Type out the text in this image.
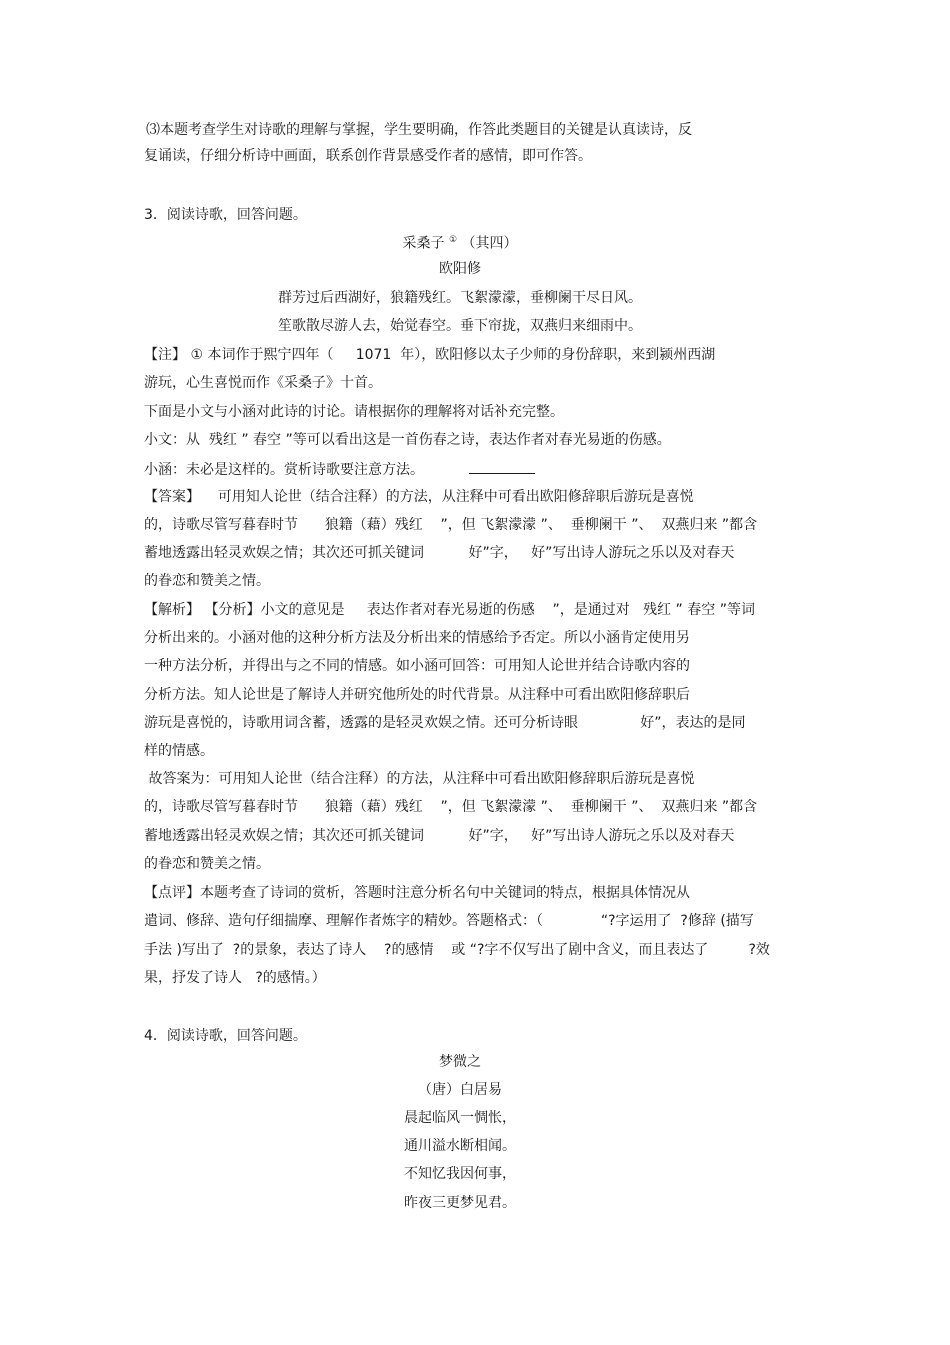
⑶本题考查学生对诗歌的理解与掌握，学生要明确，作答此类题目的关键是认真读诗，反
复诵读，仔细分析诗中画面，联系创作背景感受作者的感情，即可作答。
3．阅读诗歌，回答问题。
采桑子 ① （其四）
欧阳修
群芳过后西湖好，狼籍残红。飞絮濛濛，垂柳阑干尽日风。
笙歌散尽游人去，始觉春空。垂下帘拢，双燕归来细雨中。
【注】 ① 本词作于熙宁四年（     1071  年），欧阳修以太子少师的身份辞职，来到颍州西湖
游玩，心生喜悦而作《采桑子》十首。
下面是小文与小涵对此诗的讨论。请根据你的理解将对话补充完整。
小文：从  残红 ” 春空 ”等可以看出这是一首伤春之诗，表达作者对春光易逝的伤感。
小涵：未必是这样的。赏析诗歌要注意方法。
【答案】    可用知人论世（结合注释）的方法，从注释中可看出欧阳修辞职后游玩是喜悦
的，诗歌尽管写暮春时节      狼籍（藉）残红    ”，但 飞絮濛濛 ”、  垂柳阑干 ”、  双燕归来 ”都含
蓄地透露出轻灵欢娱之情；其次还可抓关键词          好”字，   好”写出诗人游玩之乐以及对春天
的眷恋和赞美之情。
【解析】 【分析】小文的意见是     表达作者对春光易逝的伤感    ”，是通过对   残红 ” 春空 ”等词
分析出来的。小涵对他的这种分析方法及分析出来的情感给予否定。所以小涵肯定使用另
一种方法分析，并得出与之不同的情感。如小涵可回答：可用知人论世并结合诗歌内容的
分析方法。知人论世是了解诗人并研究他所处的时代背景。从注释中可看出欧阳修辞职后
游玩是喜悦的，诗歌用词含蓄，透露的是轻灵欢娱之情。还可分析诗眼              好”，表达的是同
样的情感。
故答案为：可用知人论世（结合注释）的方法，从注释中可看出欧阳修辞职后游玩是喜悦
的，诗歌尽管写暮春时节      狼籍（藉）残红    ”，但 飞絮濛濛 ”、  垂柳阑干 ”、  双燕归来 ”都含
蓄地透露出轻灵欢娱之情；其次还可抓关键词          好”字，   好”写出诗人游玩之乐以及对春天
的眷恋和赞美之情。
【点评】本题考查了诗词的赏析，答题时注意分析名句中关键词的特点，根据具体情况从
遣词、修辞、造句仔细揣摩、理解作者炼字的精妙。答题格式：（             “?字运用了  ?修辞 (描写
手法 )写出了  ?的景象，表达了诗人    ?的感情    或 “?字不仅写出了剧中含义，而且表达了         ?效
果，抒发了诗人   ?的感情。）
4．阅读诗歌，回答问题。
梦微之
（唐）白居易
晨起临风一惆怅，
通川溢水断相闻。
不知忆我因何事，
昨夜三更梦见君。
